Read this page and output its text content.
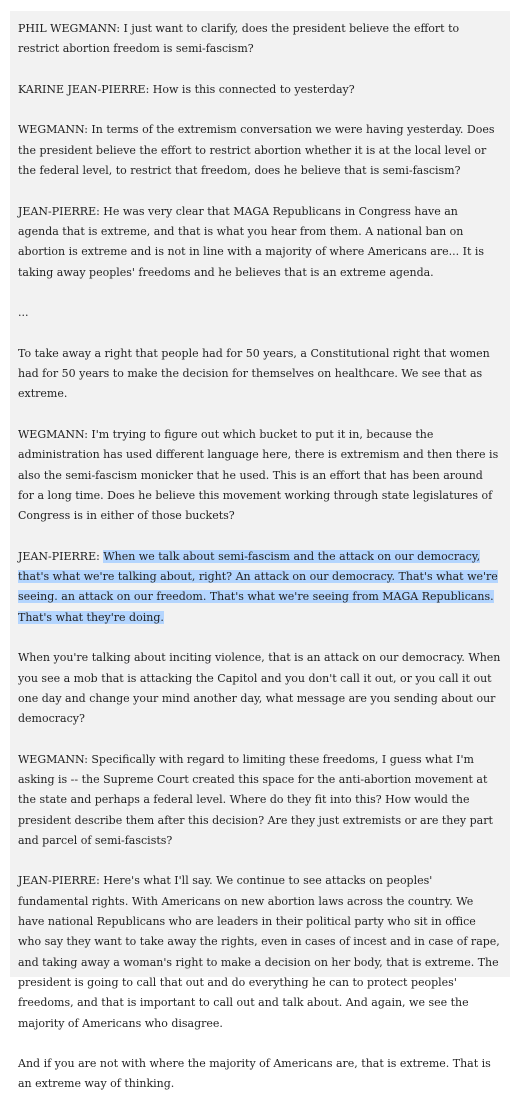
PHIL WEGMANN: I just want to clarify, does the president believe the effort to restrict abortion freedom is semi-fascism?

KARINE JEAN-PIERRE: How is this connected to yesterday?

WEGMANN: In terms of the extremism conversation we were having yesterday. Does the president believe the effort to restrict abortion whether it is at the local level or the federal level, to restrict that freedom, does he believe that is semi-fascism?

JEAN-PIERRE: He was very clear that MAGA Republicans in Congress have an agenda that is extreme, and that is what you hear from them. A national ban on abortion is extreme and is not in line with a majority of where Americans are... It is taking away peoples' freedoms and he believes that is an extreme agenda.

...

To take away a right that people had for 50 years, a Constitutional right that women had for 50 years to make the decision for themselves on healthcare. We see that as extreme.

WEGMANN: I'm trying to figure out which bucket to put it in, because the administration has used different language here, there is extremism and then there is also the semi-fascism monicker that he used. This is an effort that has been around for a long time. Does he believe this movement working through state legislatures of Congress is in either of those buckets?

JEAN-PIERRE: When we talk about semi-fascism and the attack on our democracy, that's what we're talking about, right? An attack on our democracy. That's what we're seeing. an attack on our freedom. That's what we're seeing from MAGA Republicans. That's what they're doing.

When you're talking about inciting violence, that is an attack on our democracy. When you see a mob that is attacking the Capitol and you don't call it out, or you call it out one day and change your mind another day, what message are you sending about our democracy?

WEGMANN: Specifically with regard to limiting these freedoms, I guess what I'm asking is -- the Supreme Court created this space for the anti-abortion movement at the state and perhaps a federal level. Where do they fit into this? How would the president describe them after this decision? Are they just extremists or are they part and parcel of semi-fascists?

JEAN-PIERRE: Here's what I'll say. We continue to see attacks on peoples' fundamental rights. With Americans on new abortion laws across the country. We have national Republicans who are leaders in their political party who sit in office who say they want to take away the rights, even in cases of incest and in case of rape, and taking away a woman's right to make a decision on her body, that is extreme. The president is going to call that out and do everything he can to protect peoples' freedoms, and that is important to call out and talk about. And again, we see the majority of Americans who disagree.

And if you are not with where the majority of Americans are, that is extreme. That is an extreme way of thinking.
